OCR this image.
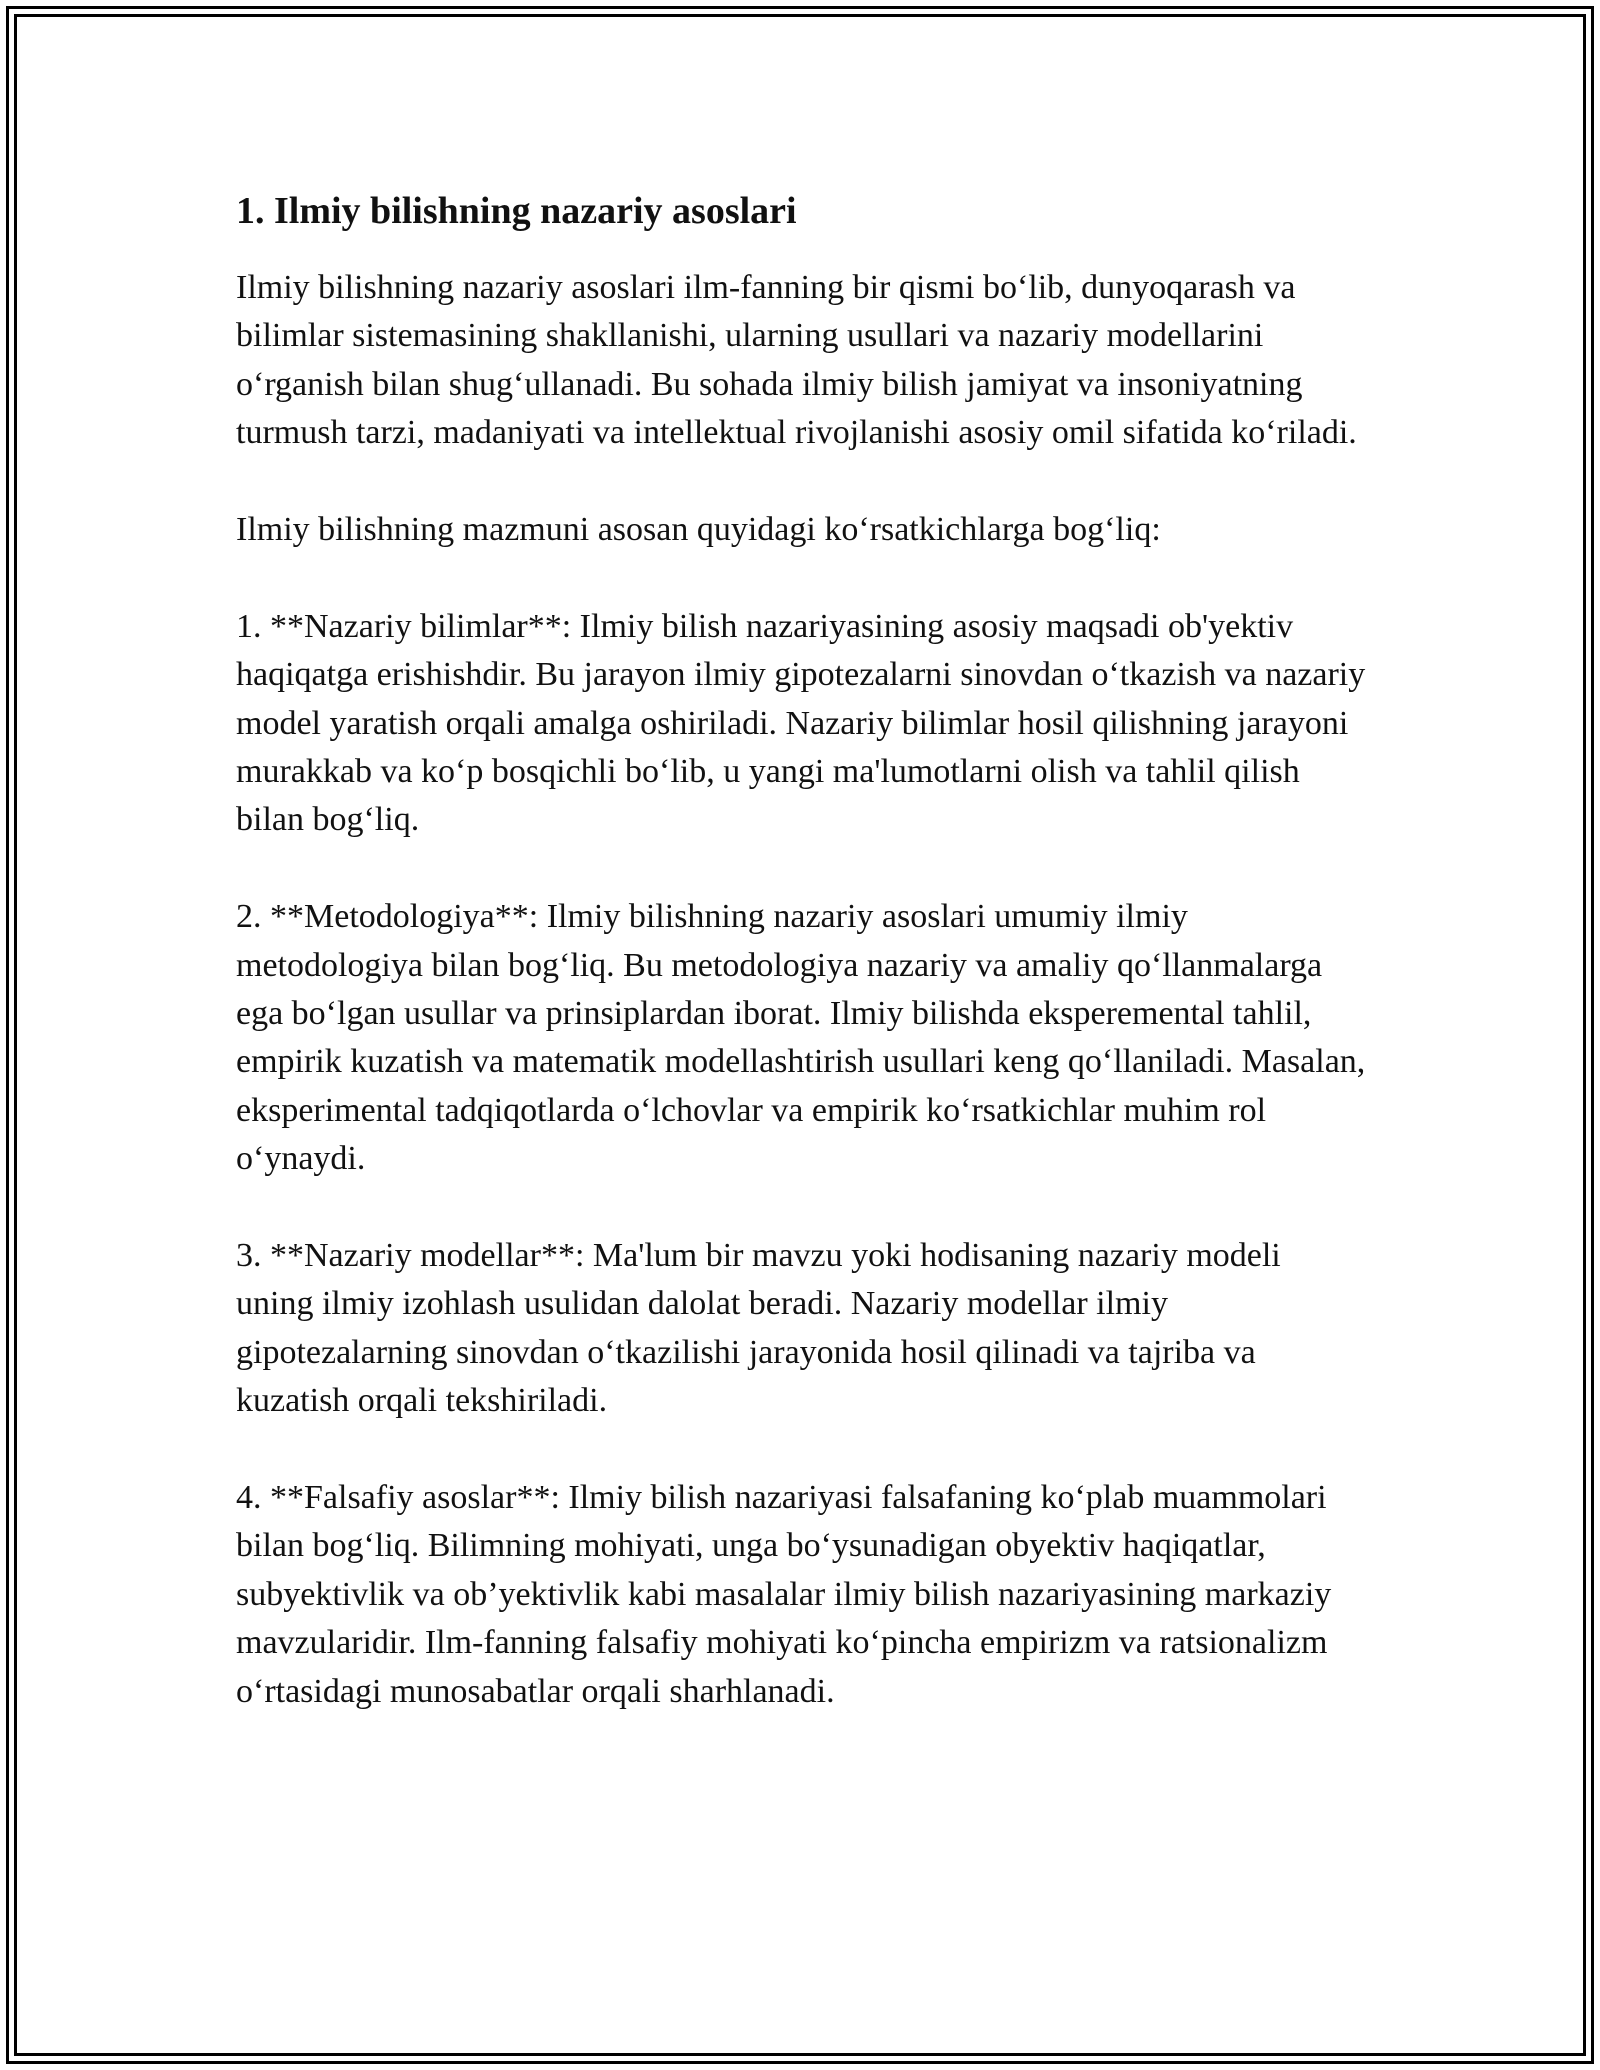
1. Ilmiy bilishning nazariy asoslari

Ilmiy bilishning nazariy asoslari ilm-fanning bir qismi bo‘lib, dunyoqarash va bilimlar sistemasining shakllanishi, ularning usullari va nazariy modellarini o‘rganish bilan shug‘ullanadi. Bu sohada ilmiy bilish jamiyat va insoniyatning turmush tarzi, madaniyati va intellektual rivojlanishi asosiy omil sifatida ko‘riladi.

Ilmiy bilishning mazmuni asosan quyidagi ko‘rsatkichlarga bog‘liq:

1. **Nazariy bilimlar**: Ilmiy bilish nazariyasining asosiy maqsadi ob'yektiv haqiqatga erishishdir. Bu jarayon ilmiy gipotezalarni sinovdan o‘tkazish va nazariy model yaratish orqali amalga oshiriladi. Nazariy bilimlar hosil qilishning jarayoni murakkab va ko‘p bosqichli bo‘lib, u yangi ma'lumotlarni olish va tahlil qilish bilan bog‘liq.

2. **Metodologiya**: Ilmiy bilishning nazariy asoslari umumiy ilmiy metodologiya bilan bog‘liq. Bu metodologiya nazariy va amaliy qo‘llanmalarga ega bo‘lgan usullar va prinsiplardan iborat. Ilmiy bilishda eksperemental tahlil, empirik kuzatish va matematik modellashtirish usullari keng qo‘llaniladi. Masalan, eksperimental tadqiqotlarda o‘lchovlar va empirik ko‘rsatkichlar muhim rol o‘ynaydi.

3. **Nazariy modellar**: Ma'lum bir mavzu yoki hodisaning nazariy modeli uning ilmiy izohlash usulidan dalolat beradi. Nazariy modellar ilmiy gipotezalarning sinovdan o‘tkazilishi jarayonida hosil qilinadi va tajriba va kuzatish orqali tekshiriladi.

4. **Falsafiy asoslar**: Ilmiy bilish nazariyasi falsafaning ko‘plab muammolari bilan bog‘liq. Bilimning mohiyati, unga bo‘ysunadigan obyektiv haqiqatlar, subyektivlik va ob’yektivlik kabi masalalar ilmiy bilish nazariyasining markaziy mavzularidir. Ilm-fanning falsafiy mohiyati ko‘pincha empirizm va ratsionalizm o‘rtasidagi munosabatlar orqali sharhlanadi.
